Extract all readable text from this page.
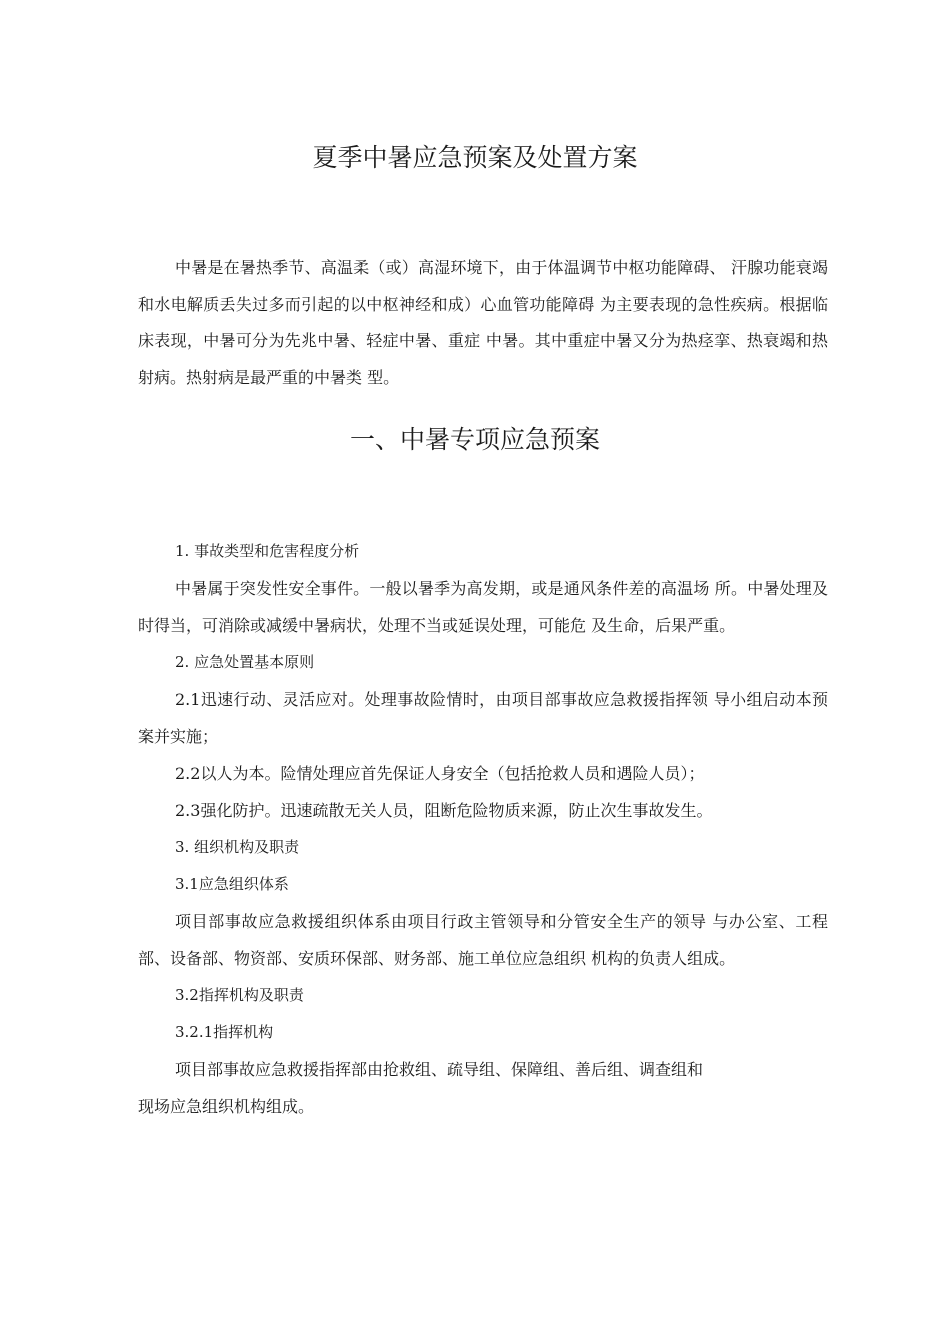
夏季中暑应急预案及处置方案

中暑是在暑热季节、高温柔（或）高湿环境下，由于体温调节中枢功能障碍、 汗腺功能衰竭和水电解质丢失过多而引起的以中枢神经和成）心血管功能障碍 为主要表现的急性疾病。根据临床表现，中暑可分为先兆中暑、轻症中暑、重症 中暑。其中重症中暑又分为热痉挛、热衰竭和热射病。热射病是最严重的中暑类 型。

一、中暑专项应急预案

1. 事故类型和危害程度分析

中暑属于突发性安全事件。一般以暑季为高发期，或是通风条件差的高温场 所。中暑处理及时得当，可消除或减缓中暑病状，处理不当或延误处理，可能危 及生命，后果严重。

2. 应急处置基本原则

2.1迅速行动、灵活应对。处理事故险情时，由项目部事故应急救援指挥领 导小组启动本预案并实施；

2.2以人为本。险情处理应首先保证人身安全（包括抢救人员和遇险人员）；

2.3强化防护。迅速疏散无关人员，阻断危险物质来源，防止次生事故发生。

3. 组织机构及职责

3.1应急组织体系

项目部事故应急救援组织体系由项目行政主管领导和分管安全生产的领导 与办公室、工程部、设备部、物资部、安质环保部、财务部、施工单位应急组织 机构的负责人组成。

3.2指挥机构及职责

3.2.1指挥机构

项目部事故应急救援指挥部由抢救组、疏导组、保障组、善后组、调查组和

现场应急组织机构组成。
